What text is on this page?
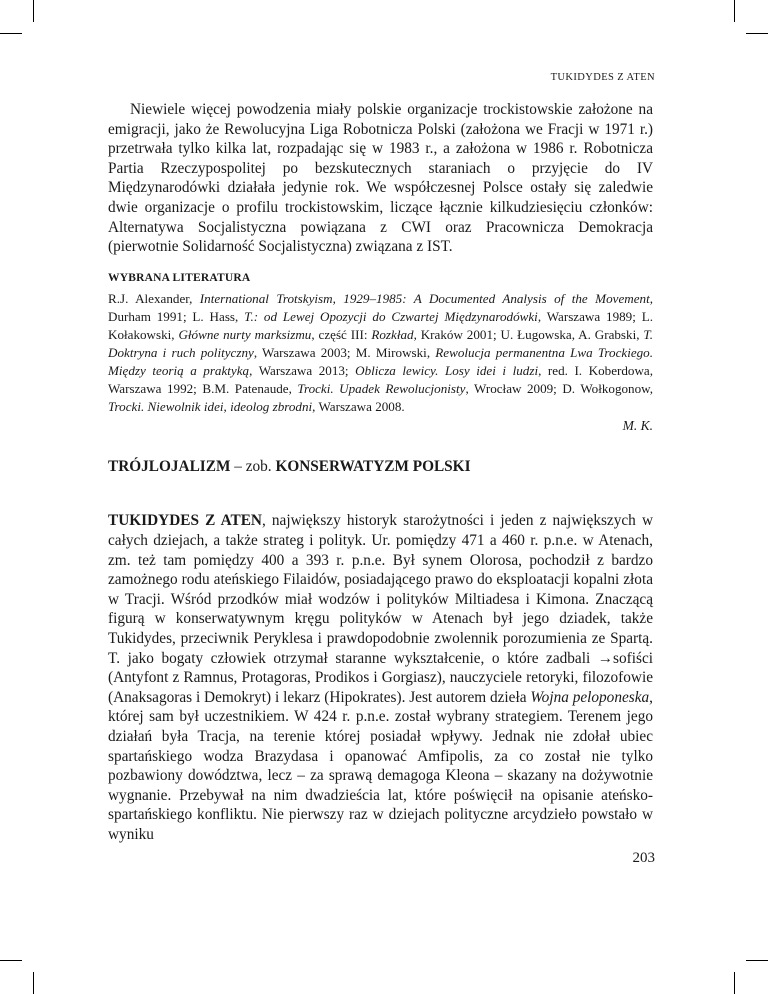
TUKIDYDES Z ATEN

Niewiele więcej powodzenia miały polskie organizacje trockistowskie założone na emigracji, jako że Rewolucyjna Liga Robotnicza Polski (założona we Fracji w 1971 r.) przetrwała tylko kilka lat, rozpadając się w 1983 r., a założona w 1986 r. Robotnicza Partia Rzeczypospolitej po bezskutecznych staraniach o przyjęcie do IV Międzynarodówki działała jedynie rok. We współczesnej Polsce ostały się zaledwie dwie organizacje o profilu trockistowskim, liczące łącznie kilkudziesięciu członków: Alternatywa Socjalistyczna powiązana z CWI oraz Pracownicza Demokracja (pierwotnie Solidarność Socjalistyczna) związana z IST.

WYBRANA LITERATURA

R.J. Alexander, International Trotskyism, 1929–1985: A Documented Analysis of the Movement, Durham 1991; L. Hass, T.: od Lewej Opozycji do Czwartej Międzynarodówki, Warszawa 1989; L. Kołakowski, Główne nurty marksizmu, część III: Rozkład, Kraków 2001; U. Ługowska, A. Grabski, T. Doktryna i ruch polityczny, Warszawa 2003; M. Mirowski, Rewolucja permanentna Lwa Trockiego. Między teorią a praktyką, Warszawa 2013; Oblicza lewicy. Losy idei i ludzi, red. I. Koberdowa, Warszawa 1992; B.M. Patenaude, Trocki. Upadek Rewolucjonisty, Wrocław 2009; D. Wołkogonow, Trocki. Niewolnik idei, ideolog zbrodni, Warszawa 2008.

M. K.

TRÓJLOJALIZM – zob. KONSERWATYZM POLSKI

TUKIDYDES Z ATEN, największy historyk starożytności i jeden z największych w całych dziejach, a także strateg i polityk. Ur. pomiędzy 471 a 460 r. p.n.e. w Atenach, zm. też tam pomiędzy 400 a 393 r. p.n.e. Był synem Olorosa, pochodził z bardzo zamożnego rodu ateńskiego Filaidów, posiadającego prawo do eksploatacji kopalni złota w Tracji. Wśród przodków miał wodzów i polityków Miltiadesa i Kimona. Znaczącą figurą w konserwatywnym kręgu polityków w Atenach był jego dziadek, także Tukidydes, przeciwnik Peryklesa i prawdopodobnie zwolennik porozumienia ze Spartą. T. jako bogaty człowiek otrzymał staranne wykształcenie, o które zadbali →sofiści (Antyfont z Ramnus, Protagoras, Prodikos i Gorgiasz), nauczyciele retoryki, filozofowie (Anaksagoras i Demokryt) i lekarz (Hipokrates). Jest autorem dzieła Wojna peloponeska, której sam był uczestnikiem. W 424 r. p.n.e. został wybrany strategiem. Terenem jego działań była Tracja, na terenie której posiadał wpływy. Jednak nie zdołał ubiec spartańskiego wodza Brazydasa i opanować Amfipolis, za co został nie tylko pozbawiony dowództwa, lecz – za sprawą demagoga Kleona – skazany na dożywotnie wygnanie. Przebywał na nim dwadzieścia lat, które poświęcił na opisanie ateńsko-spartańskiego konfliktu. Nie pierwszy raz w dziejach polityczne arcydzieło powstało w wyniku

203
